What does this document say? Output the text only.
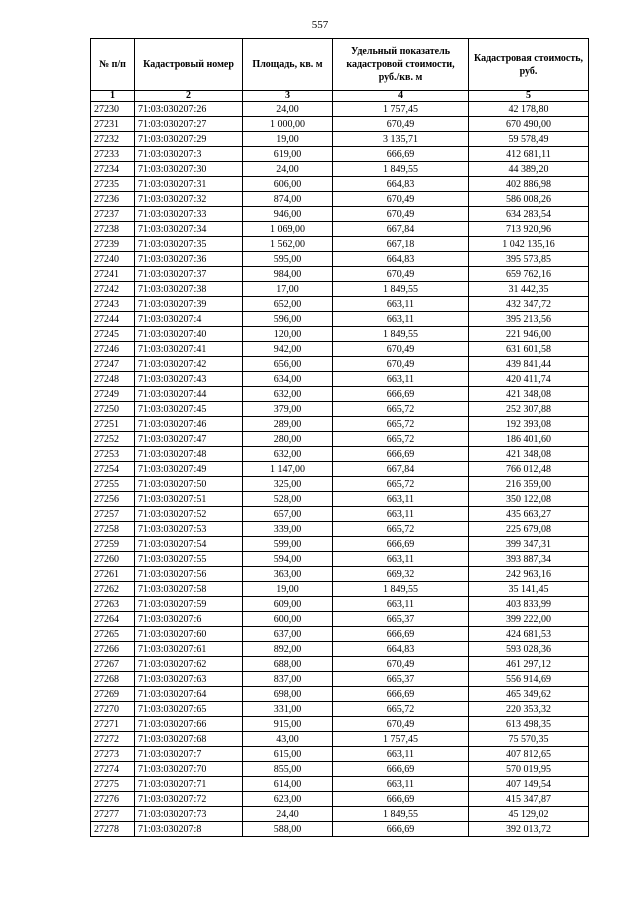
557
№ п/п	Кадастровый номер	Площадь, кв. м	Удельный показатель кадастровой стоимости, руб./кв. м	Кадастровая стоимость, руб.
1	2	3	4	5
27230	71:03:030207:26	24,00	1 757,45	42 178,80
27231	71:03:030207:27	1 000,00	670,49	670 490,00
27232	71:03:030207:29	19,00	3 135,71	59 578,49
27233	71:03:030207:3	619,00	666,69	412 681,11
27234	71:03:030207:30	24,00	1 849,55	44 389,20
27235	71:03:030207:31	606,00	664,83	402 886,98
27236	71:03:030207:32	874,00	670,49	586 008,26
27237	71:03:030207:33	946,00	670,49	634 283,54
27238	71:03:030207:34	1 069,00	667,84	713 920,96
27239	71:03:030207:35	1 562,00	667,18	1 042 135,16
27240	71:03:030207:36	595,00	664,83	395 573,85
27241	71:03:030207:37	984,00	670,49	659 762,16
27242	71:03:030207:38	17,00	1 849,55	31 442,35
27243	71:03:030207:39	652,00	663,11	432 347,72
27244	71:03:030207:4	596,00	663,11	395 213,56
27245	71:03:030207:40	120,00	1 849,55	221 946,00
27246	71:03:030207:41	942,00	670,49	631 601,58
27247	71:03:030207:42	656,00	670,49	439 841,44
27248	71:03:030207:43	634,00	663,11	420 411,74
27249	71:03:030207:44	632,00	666,69	421 348,08
27250	71:03:030207:45	379,00	665,72	252 307,88
27251	71:03:030207:46	289,00	665,72	192 393,08
27252	71:03:030207:47	280,00	665,72	186 401,60
27253	71:03:030207:48	632,00	666,69	421 348,08
27254	71:03:030207:49	1 147,00	667,84	766 012,48
27255	71:03:030207:50	325,00	665,72	216 359,00
27256	71:03:030207:51	528,00	663,11	350 122,08
27257	71:03:030207:52	657,00	663,11	435 663,27
27258	71:03:030207:53	339,00	665,72	225 679,08
27259	71:03:030207:54	599,00	666,69	399 347,31
27260	71:03:030207:55	594,00	663,11	393 887,34
27261	71:03:030207:56	363,00	669,32	242 963,16
27262	71:03:030207:58	19,00	1 849,55	35 141,45
27263	71:03:030207:59	609,00	663,11	403 833,99
27264	71:03:030207:6	600,00	665,37	399 222,00
27265	71:03:030207:60	637,00	666,69	424 681,53
27266	71:03:030207:61	892,00	664,83	593 028,36
27267	71:03:030207:62	688,00	670,49	461 297,12
27268	71:03:030207:63	837,00	665,37	556 914,69
27269	71:03:030207:64	698,00	666,69	465 349,62
27270	71:03:030207:65	331,00	665,72	220 353,32
27271	71:03:030207:66	915,00	670,49	613 498,35
27272	71:03:030207:68	43,00	1 757,45	75 570,35
27273	71:03:030207:7	615,00	663,11	407 812,65
27274	71:03:030207:70	855,00	666,69	570 019,95
27275	71:03:030207:71	614,00	663,11	407 149,54
27276	71:03:030207:72	623,00	666,69	415 347,87
27277	71:03:030207:73	24,40	1 849,55	45 129,02
27278	71:03:030207:8	588,00	666,69	392 013,72
